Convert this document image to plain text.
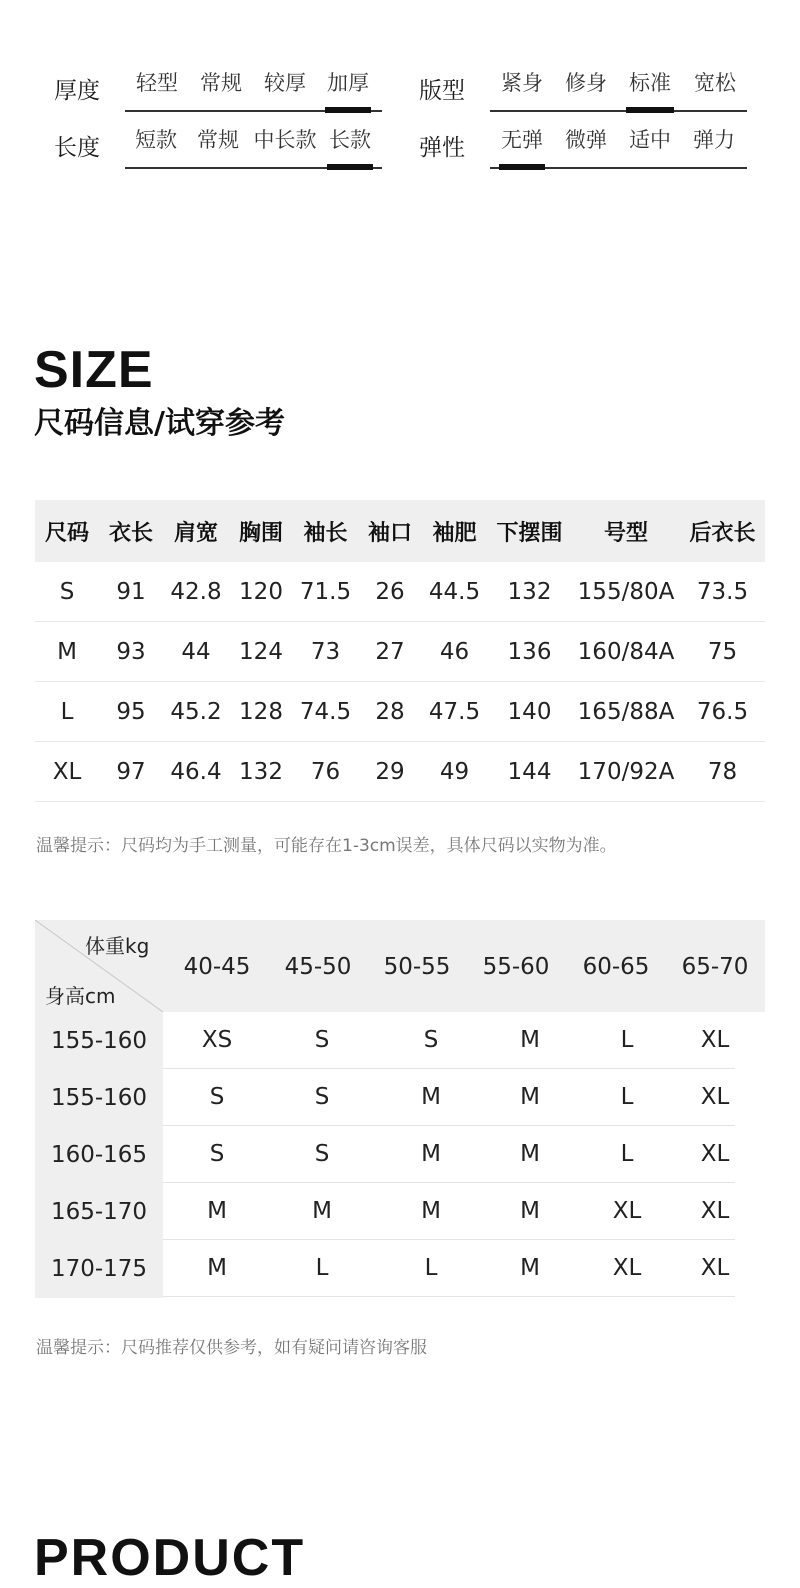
厚度	轻型	常规	较厚	加厚 版型	紧身	修身	标准	宽松
长度	短款 常规 中长款 长款 弹性 无弹	微弹	适中	弹力
SIZE
尺码信息/试穿参考
尺码	衣长	肩宽	胸围	袖长	袖口	袖肥	下摆围	号型	后衣长
S	91	42.8	120	71.5	26	44.5	132	155/80A	73.5
M	93	44	124	73	27	46	136	160/84A	75
L	95	45.2	128	74.5	28	47.5	140	165/88A	76.5
XL	97	46.4	132	76	29	49	144	170/92A	78
温馨提示：尺码均为手工测量，可能存在1-3cm误差，具体尺码以实物为准。
体重kg
身高cm
40-45	45-50	50-55	55-60	60-65	65-70
155-160	XS	S	S	M	L	XL
155-160	S	S	M	M	L	XL
160-165	S	S	M	M	L	XL
165-170	M	M	M	M	XL	XL
170-175	M	L	L	M	XL	XL
温馨提示：尺码推荐仅供参考，如有疑问请咨询客服
PRODUCT
